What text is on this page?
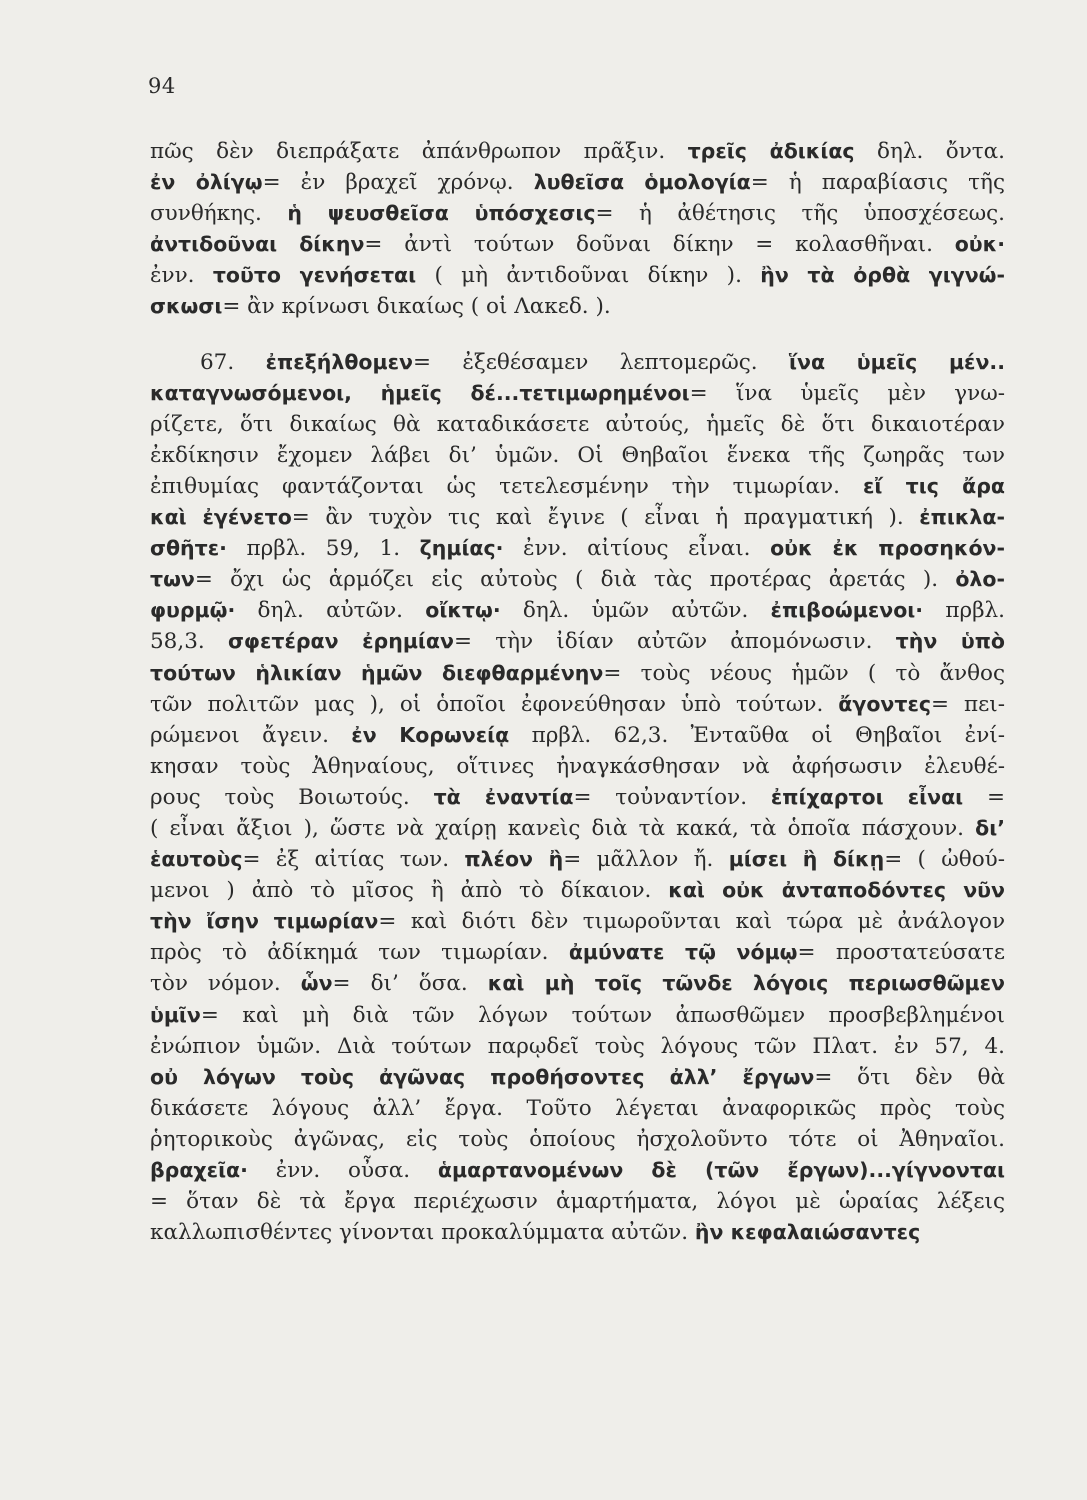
94
πῶς δὲν διεπράξατε ἀπάνθρωπον πρᾶξιν. τρεῖς ἀδικίας δηλ. ὄντα.
ἐν ὀλίγῳ= ἐν βραχεῖ χρόνῳ. λυθεῖσα ὁμολογία= ἡ παραβίασις τῆς
συνθήκης. ἡ ψευσθεῖσα ὑπόσχεσις= ἡ ἀθέτησις τῆς ὑποσχέσεως.
ἀντιδοῦναι δίκην= ἀντὶ τούτων δοῦναι δίκην = κολασθῆναι. οὐκ·
ἐνν. τοῦτο γενήσεται ( μὴ ἀντιδοῦναι δίκην ). ἢν τὰ ὀρθὰ γιγνώ-
σκωσι= ἂν κρίνωσι δικαίως ( οἱ Λακεδ. ).
67. ἐπεξήλθομεν= ἐξεθέσαμεν λεπτομερῶς. ἵνα ὑμεῖς μέν..
καταγνωσόμενοι, ἡμεῖς δέ...τετιμωρημένοι= ἵνα ὑμεῖς μὲν γνω-
ρίζετε, ὅτι δικαίως θὰ καταδικάσετε αὐτούς, ἡμεῖς δὲ ὅτι δικαιοτέραν
ἐκδίκησιν ἔχομεν λάβει δι’ ὑμῶν. Οἱ Θηβαῖοι ἕνεκα τῆς ζωηρᾶς των
ἐπιθυμίας φαντάζονται ὡς τετελεσμένην τὴν τιμωρίαν. εἴ τις ἄρα
καὶ ἐγένετο= ἂν τυχὸν τις καὶ ἔγινε ( εἶναι ἡ πραγματική ). ἐπικλα-
σθῆτε· πρβλ. 59, 1. ζημίας· ἐνν. αἰτίους εἶναι. οὐκ ἐκ προσηκόν-
των= ὄχι ὡς ἁρμόζει εἰς αὐτοὺς ( διὰ τὰς προτέρας ἀρετάς ). ὀλο-
φυρμῷ· δηλ. αὐτῶν. οἴκτῳ· δηλ. ὑμῶν αὐτῶν. ἐπιβοώμενοι· πρβλ.
58,3. σφετέραν ἐρημίαν= τὴν ἰδίαν αὐτῶν ἀπομόνωσιν. τὴν ὑπὸ
τούτων ἡλικίαν ἡμῶν διεφθαρμένην= τοὺς νέους ἡμῶν ( τὸ ἄνθος
τῶν πολιτῶν μας ), οἱ ὁποῖοι ἐφονεύθησαν ὑπὸ τούτων. ἄγοντες= πει-
ρώμενοι ἄγειν. ἐν Κορωνείᾳ πρβλ. 62,3. Ἐνταῦθα οἱ Θηβαῖοι ἐνί-
κησαν τοὺς Ἀθηναίους, οἵτινες ἠναγκάσθησαν νὰ ἀφήσωσιν ἐλευθέ-
ρους τοὺς Βοιωτούς. τὰ ἐναντία= τοὐναντίον. ἐπίχαρτοι εἶναι =
( εἶναι ἄξιοι ), ὥστε νὰ χαίρῃ κανεὶς διὰ τὰ κακά, τὰ ὁποῖα πάσχουν. δι’
ἑαυτοὺς= ἐξ αἰτίας των. πλέον ἢ= μᾶλλον ἤ. μίσει ἢ δίκῃ= ( ὠθού-
μενοι ) ἀπὸ τὸ μῖσος ἢ ἀπὸ τὸ δίκαιον. καὶ οὐκ ἀνταποδόντες νῦν
τὴν ἴσην τιμωρίαν= καὶ διότι δὲν τιμωροῦνται καὶ τώρα μὲ ἀνάλογον
πρὸς τὸ ἀδίκημά των τιμωρίαν. ἀμύνατε τῷ νόμῳ= προστατεύσατε
τὸν νόμον. ὧν= δι’ ὅσα. καὶ μὴ τοῖς τῶνδε λόγοις περιωσθῶμεν
ὑμῖν= καὶ μὴ διὰ τῶν λόγων τούτων ἀπωσθῶμεν προσβεβλημένοι
ἐνώπιον ὑμῶν. Διὰ τούτων παρῳδεῖ τοὺς λόγους τῶν Πλατ. ἐν 57, 4.
οὐ λόγων τοὺς ἀγῶνας προθήσοντες ἀλλ’ ἔργων= ὅτι δὲν θὰ
δικάσετε λόγους ἀλλ’ ἔργα. Τοῦτο λέγεται ἀναφορικῶς πρὸς τοὺς
ῥητορικοὺς ἀγῶνας, εἰς τοὺς ὁποίους ἠσχολοῦντο τότε οἱ Ἀθηναῖοι.
βραχεῖα· ἐνν. οὖσα. ἁμαρτανομένων δὲ (τῶν ἔργων)...γίγνονται
= ὅταν δὲ τὰ ἔργα περιέχωσιν ἁμαρτήματα, λόγοι μὲ ὡραίας λέξεις
καλλωπισθέντες γίνονται προκαλύμματα αὐτῶν. ἢν κεφαλαιώσαντες
